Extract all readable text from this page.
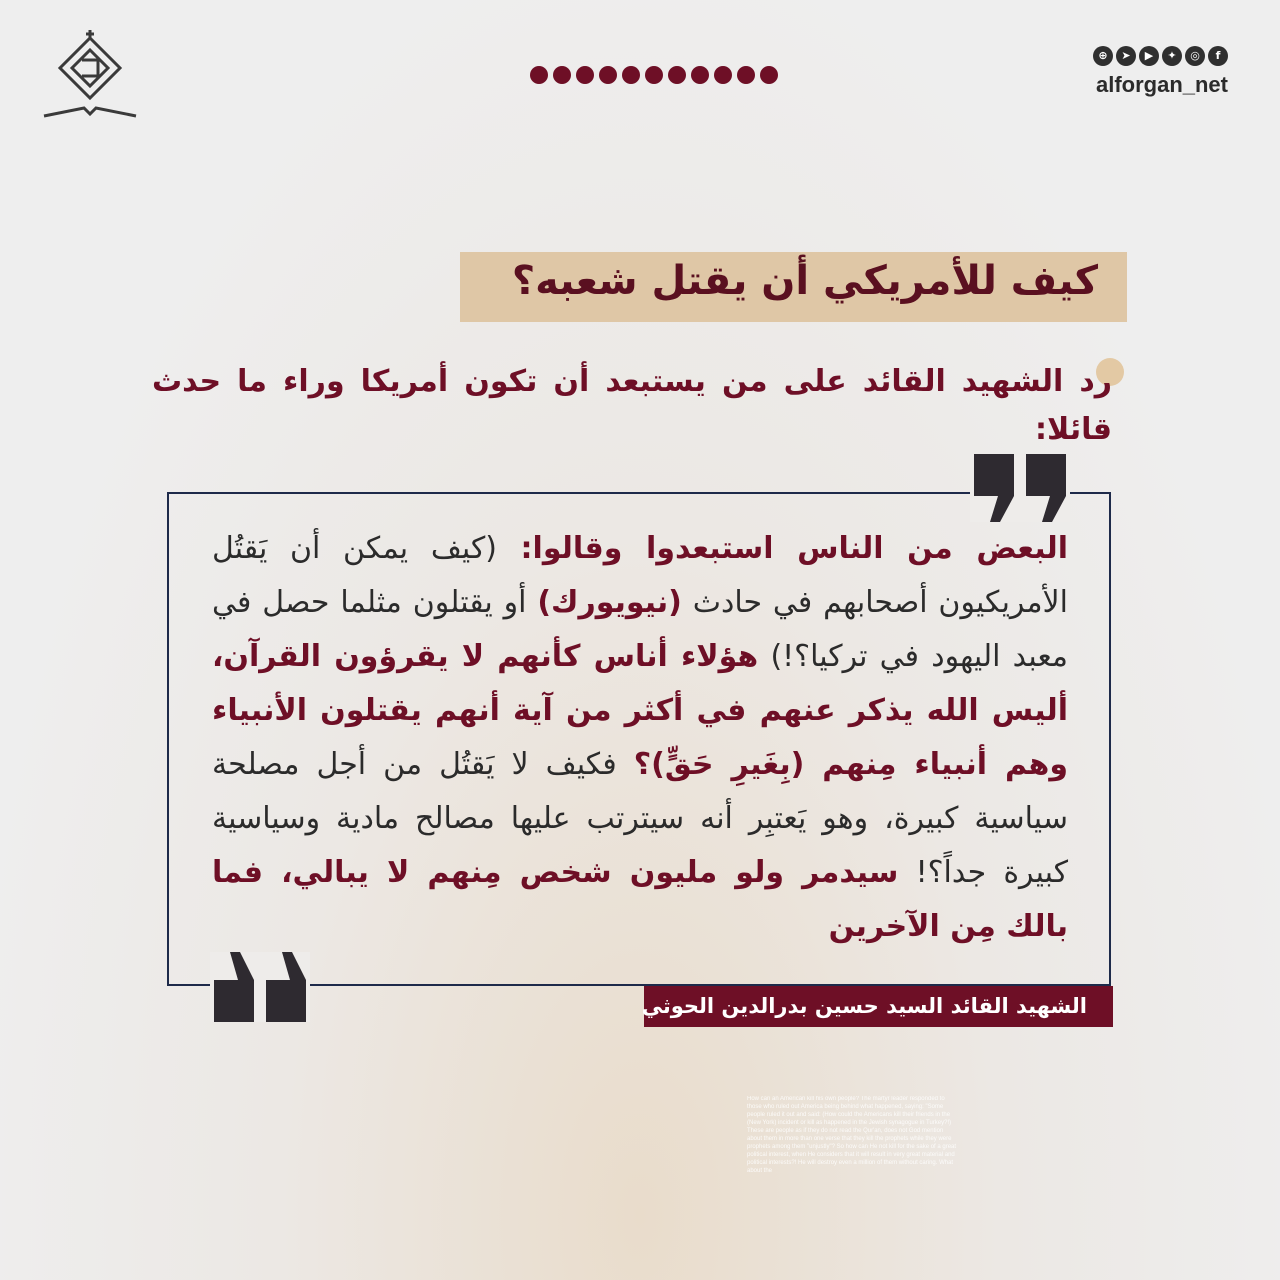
⊕	➤	▶	✦	◎	f
alforgan_net
كيف للأمريكي أن يقتل شعبه؟
رد الشهيد القائد على من يستبعد أن تكون أمريكا وراء ما حدث قائلا:
البعض من الناس استبعدوا وقالوا: (كيف يمكن أن يَقتُل الأمريكيون أصحابهم في حادث (نيويورك) أو يقتلون مثلما حصل في معبد اليهود في تركيا؟!) هؤلاء أناس كأنهم لا يقرؤون القرآن، أليس الله يذكر عنهم في أكثر من آية أنهم يقتلون الأنبياء وهم أنبياء مِنهم (بِغَيرِ حَقٍّ)؟ فكيف لا يَقتُل من أجل مصلحة سياسية كبيرة، وهو يَعتبِر أنه سيترتب عليها مصالح مادية وسياسية كبيرة جداً؟! سيدمر ولو مليون شخص مِنهم لا يبالي، فما بالك مِن الآخرين
الشهيد القائد السيد حسين بدرالدين الحوثي
How can an American kill his own people? The martyr leader responded to those who ruled out America being behind what happened, saying: "Some people ruled it out and said: (How could the Americans kill their friends in the (New York) incident or kill as happened in the Jewish synagogue in Turkey?!) These are people as if they do not read the Qur'an, does not God mention about them in more than one verse that they kill the prophets while they were prophets among them "unjustly"? So how can He not kill for the sake of a great political interest, when He considers that it will result in very great material and political interests?! He will destroy even a million of them without caring. What about the
